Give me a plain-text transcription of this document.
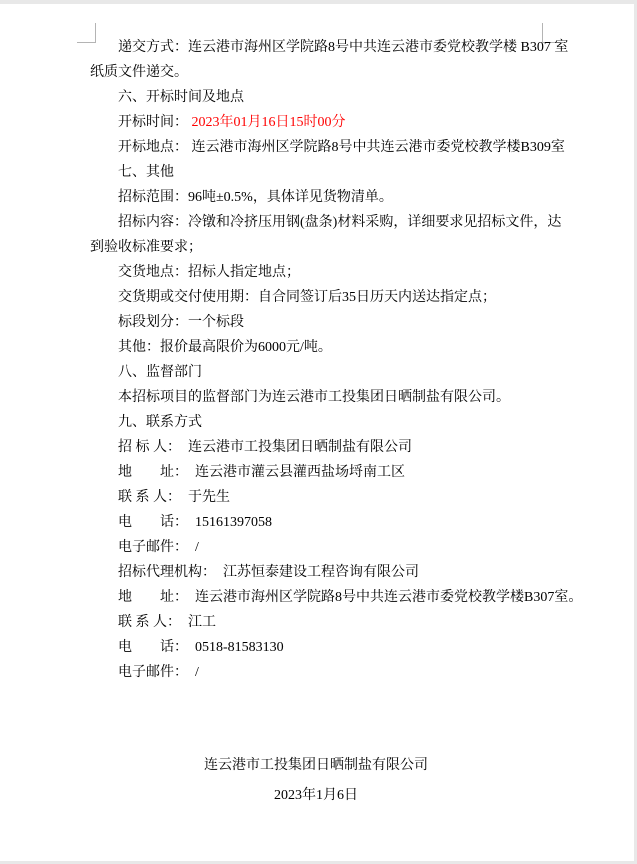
递交方式：连云港市海州区学院路8号中共连云港市委党校教学楼 B307 室
纸质文件递交。
六、开标时间及地点
开标时间： 2023年01月16日15时00分
开标地点： 连云港市海州区学院路8号中共连云港市委党校教学楼B309室
七、其他
招标范围：96吨±0.5%，具体详见货物清单。
招标内容：冷镦和冷挤压用钢(盘条)材料采购，详细要求见招标文件，达
到验收标准要求；
交货地点：招标人指定地点；
交货期或交付使用期：自合同签订后35日历天内送达指定点；
标段划分：一个标段
其他：报价最高限价为6000元/吨。
八、监督部门
本招标项目的监督部门为连云港市工投集团日晒制盐有限公司。
九、联系方式
招 标 人：  连云港市工投集团日晒制盐有限公司
地　　址：  连云港市灌云县灌西盐场埒南工区
联 系 人：  于先生
电　　话：  15161397058
电子邮件：  /
招标代理机构：  江苏恒泰建设工程咨询有限公司
地　　址：  连云港市海州区学院路8号中共连云港市委党校教学楼B307室。
联 系 人：  江工
电　　话：  0518-81583130
电子邮件：  /
连云港市工投集团日晒制盐有限公司
2023年1月6日
